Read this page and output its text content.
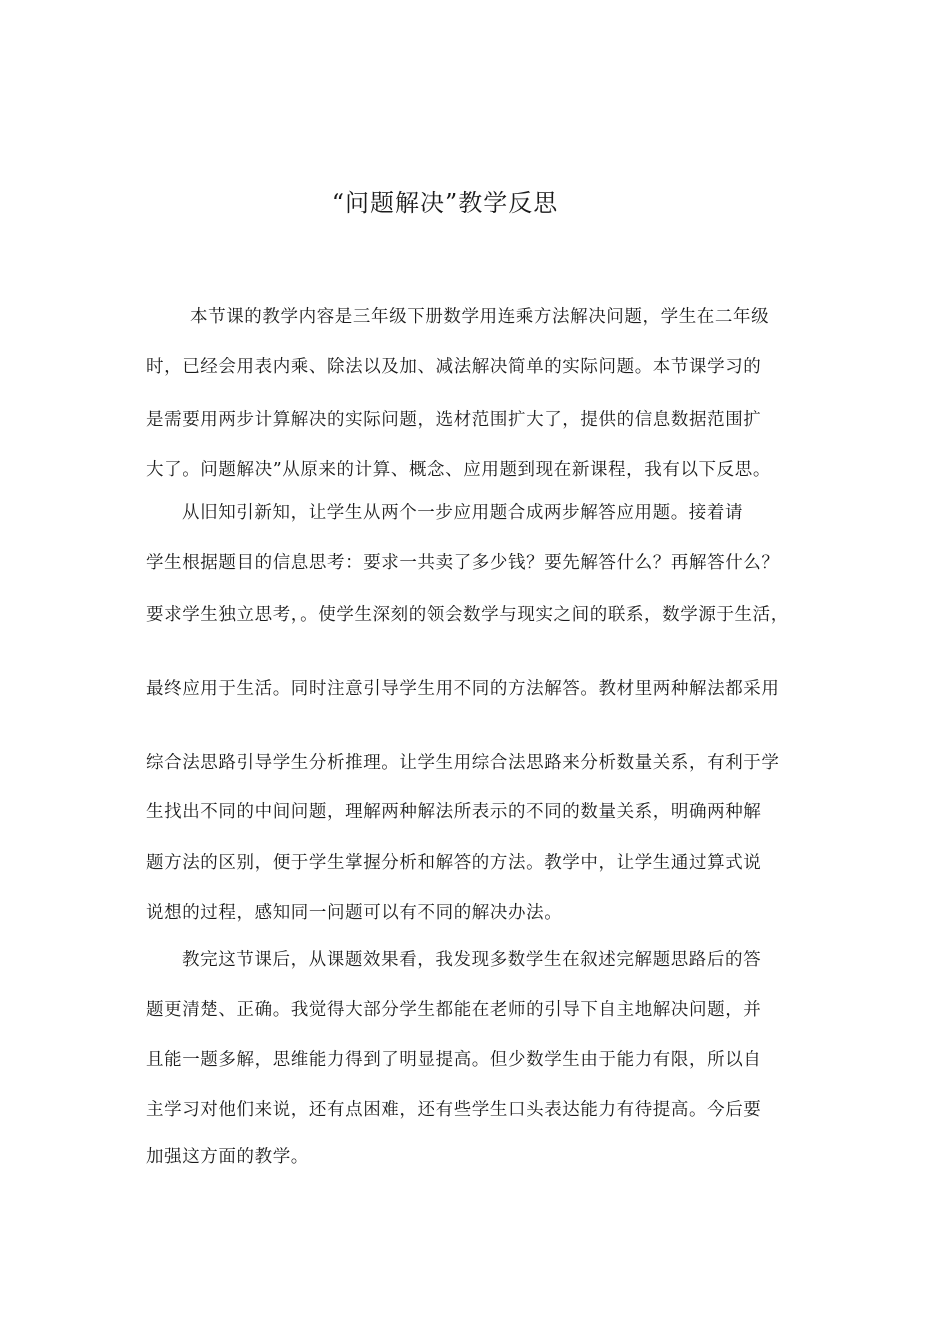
“问题解决”教学反思
本节课的教学内容是三年级下册数学用连乘方法解决问题，学生在二年级
时，已经会用表内乘、除法以及加、减法解决简单的实际问题。本节课学习的
是需要用两步计算解决的实际问题，选材范围扩大了，提供的信息数据范围扩
大了。问题解决”从原来的计算、概念、应用题到现在新课程，我有以下反思。
从旧知引新知，让学生从两个一步应用题合成两步解答应用题。接着请
学生根据题目的信息思考：要求一共卖了多少钱？要先解答什么？再解答什么？
要求学生独立思考，。使学生深刻的领会数学与现实之间的联系，数学源于生活，
最终应用于生活。同时注意引导学生用不同的方法解答。教材里两种解法都采用
综合法思路引导学生分析推理。让学生用综合法思路来分析数量关系，有利于学
生找出不同的中间问题，理解两种解法所表示的不同的数量关系，明确两种解
题方法的区别，便于学生掌握分析和解答的方法。教学中，让学生通过算式说
说想的过程，感知同一问题可以有不同的解决办法。
教完这节课后，从课题效果看，我发现多数学生在叙述完解题思路后的答
题更清楚、正确。我觉得大部分学生都能在老师的引导下自主地解决问题，并
且能一题多解，思维能力得到了明显提高。但少数学生由于能力有限，所以自
主学习对他们来说，还有点困难，还有些学生口头表达能力有待提高。今后要
加强这方面的教学。
